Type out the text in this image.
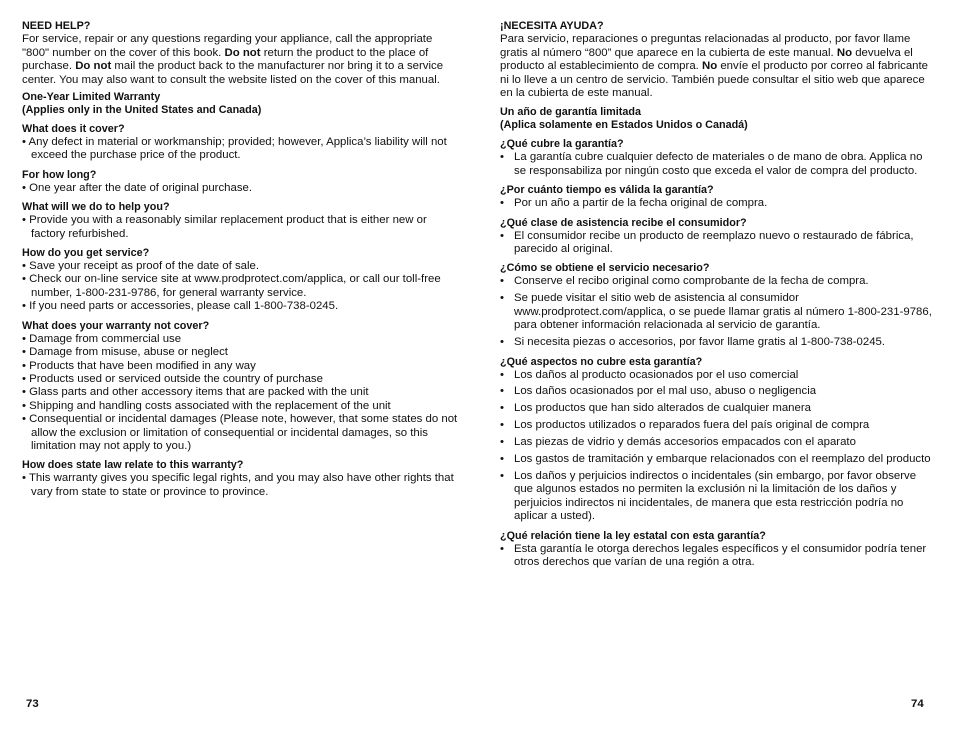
NEED HELP?

For service, repair or any questions regarding your appliance, call the appropriate "800" number on the cover of this book. Do not return the product to the place of purchase. Do not mail the product back to the manufacturer nor bring it to a service center. You may also want to consult the website listed on the cover of this manual.

One-Year Limited Warranty

(Applies only in the United States and Canada)

What does it cover?

• Any defect in material or workmanship; provided; however, Applica’s liability will not exceed the purchase price of the product.

For how long?

• One year after the date of original purchase.

What will we do to help you?

• Provide you with a reasonably similar replacement product that is either new or factory refurbished.

How do you get service?

• Save your receipt as proof of the date of sale.
• Check our on-line service site at www.prodprotect.com/applica, or call our toll-free number, 1-800-231-9786, for general warranty service.
• If you need parts or accessories, please call 1-800-738-0245.

What does your warranty not cover?

• Damage from commercial use
• Damage from misuse, abuse or neglect
• Products that have been modified in any way
• Products used or serviced outside the country of purchase
• Glass parts and other accessory items that are packed with the unit
• Shipping and handling costs associated with the replacement of the unit
• Consequential or incidental damages (Please note, however, that some states do not allow the exclusion or limitation of consequential or incidental damages, so this limitation may not apply to you.)

How does state law relate to this warranty?

• This warranty gives you specific legal rights, and you may also have other rights that vary from state to state or province to province.

¡NECESITA AYUDA?

Para servicio, reparaciones o preguntas relacionadas al producto, por favor llame gratis al número “800” que aparece en la cubierta de este manual. No devuelva el producto al establecimiento de compra. No envíe el producto por correo al fabricante ni lo lleve a un centro de servicio. También puede consultar el sitio web que aparece en la cubierta de este manual.

Un año de garantía limitada

(Aplica solamente en Estados Unidos o Canadá)

¿Qué cubre la garantía?

• La garantía cubre cualquier defecto de materiales o de mano de obra. Applica no se responsabiliza por ningún costo que exceda el valor de compra del producto.

¿Por cuánto tiempo es válida la garantía?

• Por un año a partir de la fecha original de compra.

¿Qué clase de asistencia recibe el consumidor?

• El consumidor recibe un producto de reemplazo nuevo o restaurado de fábrica, parecido al original.

¿Cómo se obtiene el servicio necesario?

• Conserve el recibo original como comprobante de la fecha de compra.
• Se puede visitar el sitio web de asistencia al consumidor www.prodprotect.com/applica, o se puede llamar gratis al número 1-800-231-9786, para obtener información relacionada al servicio de garantía.
• Si necesita piezas o accesorios, por favor llame gratis al 1-800-738-0245.

¿Qué aspectos no cubre esta garantía?

• Los daños al producto ocasionados por el uso comercial
• Los daños ocasionados por el mal uso, abuso o negligencia
• Los productos que han sido alterados de cualquier manera
• Los productos utilizados o reparados fuera del país original de compra
• Las piezas de vidrio y demás accesorios empacados con el aparato
• Los gastos de tramitación y embarque relacionados con el reemplazo del producto
• Los daños y perjuicios indirectos o incidentales (sin embargo, por favor observe que algunos estados no permiten la exclusión ni la limitación de los daños y perjuicios indirectos ni incidentales, de manera que esta restricción podría no aplicar a usted).

¿Qué relación tiene la ley estatal con esta garantía?

• Esta garantía le otorga derechos legales específicos y el consumidor podría tener otros derechos que varían de una región a otra.
73	74
